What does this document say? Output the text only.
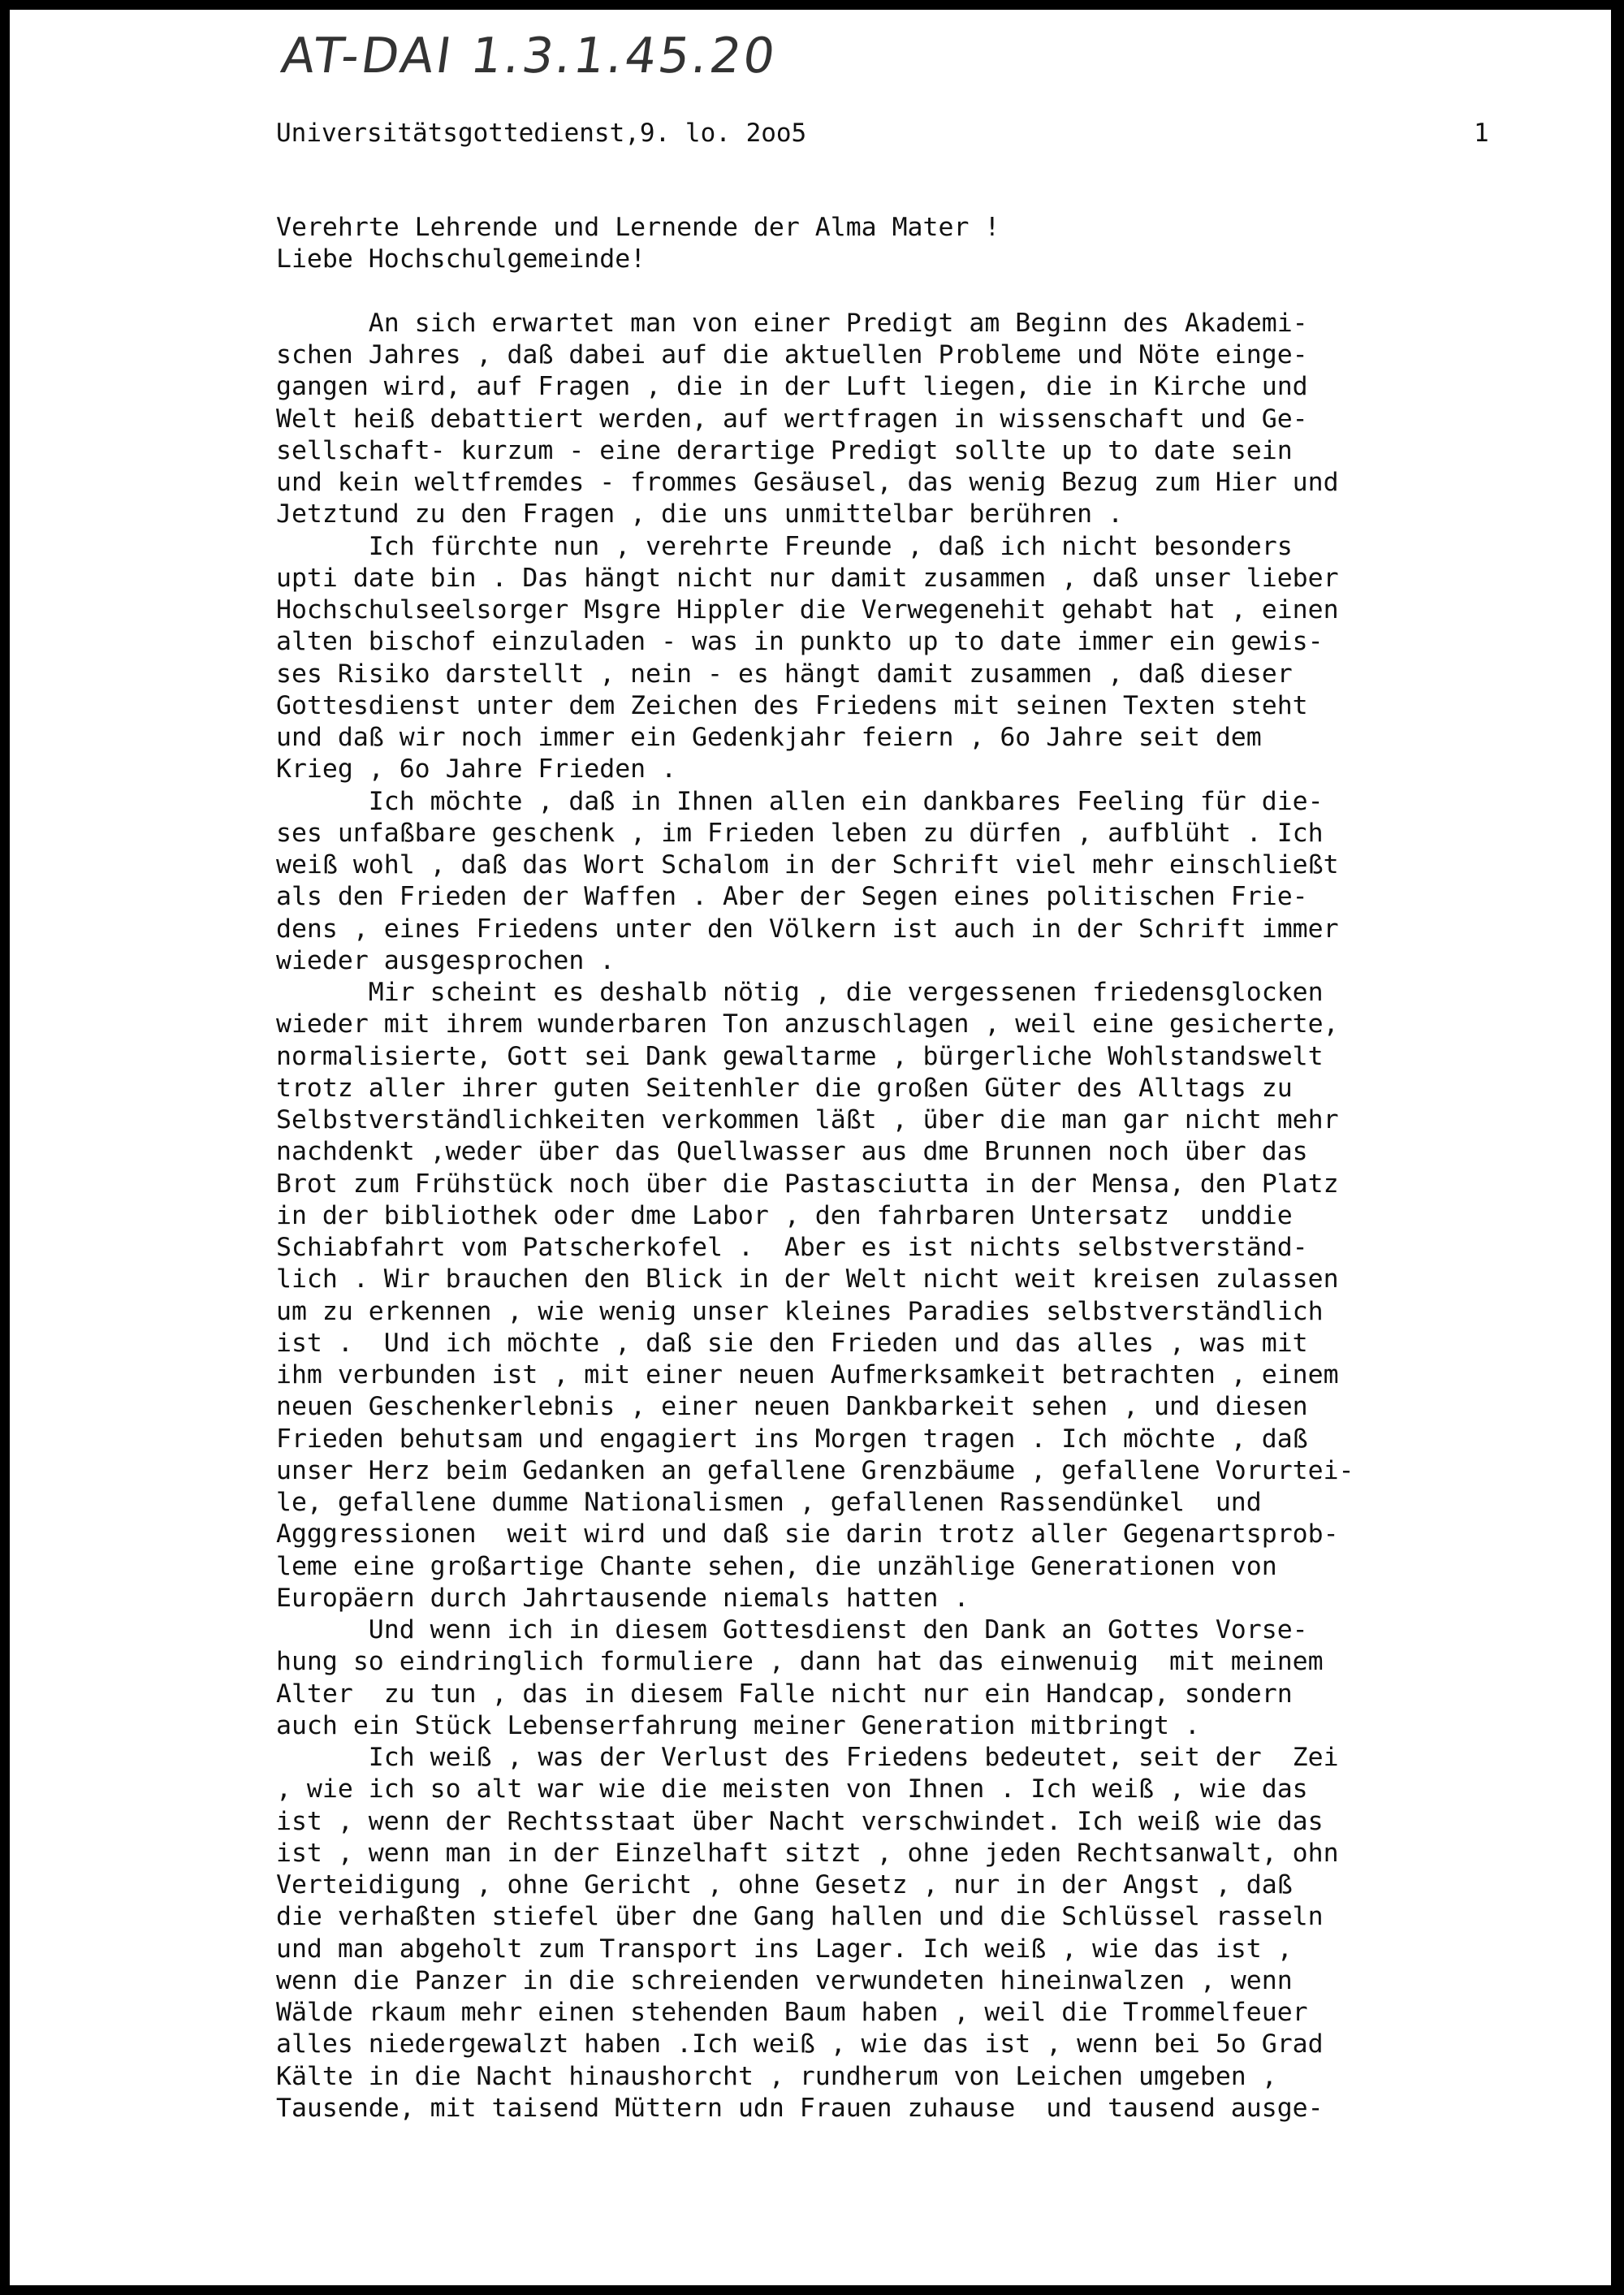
AT-DAI 1.3.1.45.20
Universitätsgottedienst,9. lo. 2oo5	1
Verehrte Lehrende und Lernende der Alma Mater !
Liebe Hochschulgemeinde!
An sich erwartet man von einer Predigt am Beginn des Akademi-
schen Jahres , daß dabei auf die aktuellen Probleme und Nöte einge-
gangen wird, auf Fragen , die in der Luft liegen, die in Kirche und
Welt heiß debattiert werden, auf wertfragen in wissenschaft und Ge-
sellschaft- kurzum - eine derartige Predigt sollte up to date sein
und kein weltfremdes - frommes Gesäusel, das wenig Bezug zum Hier und
Jetztund zu den Fragen , die uns unmittelbar berühren .
Ich fürchte nun , verehrte Freunde , daß ich nicht besonders
upti date bin . Das hängt nicht nur damit zusammen , daß unser lieber
Hochschulseelsorger Msgre Hippler die Verwegenehit gehabt hat , einen
alten bischof einzuladen - was in punkto up to date immer ein gewis-
ses Risiko darstellt , nein - es hängt damit zusammen , daß dieser
Gottesdienst unter dem Zeichen des Friedens mit seinen Texten steht
und daß wir noch immer ein Gedenkjahr feiern , 6o Jahre seit dem
Krieg , 6o Jahre Frieden .
Ich möchte , daß in Ihnen allen ein dankbares Feeling für die-
ses unfaßbare geschenk , im Frieden leben zu dürfen , aufblüht . Ich
weiß wohl , daß das Wort Schalom in der Schrift viel mehr einschließt
als den Frieden der Waffen . Aber der Segen eines politischen Frie-
dens , eines Friedens unter den Völkern ist auch in der Schrift immer
wieder ausgesprochen .
Mir scheint es deshalb nötig , die vergessenen friedensglocken
wieder mit ihrem wunderbaren Ton anzuschlagen , weil eine gesicherte,
normalisierte, Gott sei Dank gewaltarme , bürgerliche Wohlstandswelt
trotz aller ihrer guten Seitenhler die großen Güter des Alltags zu
Selbstverständlichkeiten verkommen läßt , über die man gar nicht mehr
nachdenkt ,weder über das Quellwasser aus dme Brunnen noch über das
Brot zum Frühstück noch über die Pastasciutta in der Mensa, den Platz
in der bibliothek oder dme Labor , den fahrbaren Untersatz  unddie
Schiabfahrt vom Patscherkofel .  Aber es ist nichts selbstverständ-
lich . Wir brauchen den Blick in der Welt nicht weit kreisen zulassen
um zu erkennen , wie wenig unser kleines Paradies selbstverständlich
ist .  Und ich möchte , daß sie den Frieden und das alles , was mit
ihm verbunden ist , mit einer neuen Aufmerksamkeit betrachten , einem
neuen Geschenkerlebnis , einer neuen Dankbarkeit sehen , und diesen
Frieden behutsam und engagiert ins Morgen tragen . Ich möchte , daß
unser Herz beim Gedanken an gefallene Grenzbäume , gefallene Vorurtei-
le, gefallene dumme Nationalismen , gefallenen Rassendünkel  und
Agggressionen  weit wird und daß sie darin trotz aller Gegenartsprob-
leme eine großartige Chante sehen, die unzählige Generationen von
Europäern durch Jahrtausende niemals hatten .
Und wenn ich in diesem Gottesdienst den Dank an Gottes Vorse-
hung so eindringlich formuliere , dann hat das einwenuig  mit meinem
Alter  zu tun , das in diesem Falle nicht nur ein Handcap, sondern
auch ein Stück Lebenserfahrung meiner Generation mitbringt .
Ich weiß , was der Verlust des Friedens bedeutet, seit der  Zei
, wie ich so alt war wie die meisten von Ihnen . Ich weiß , wie das
ist , wenn der Rechtsstaat über Nacht verschwindet. Ich weiß wie das
ist , wenn man in der Einzelhaft sitzt , ohne jeden Rechtsanwalt, ohn
Verteidigung , ohne Gericht , ohne Gesetz , nur in der Angst , daß
die verhaßten stiefel über dne Gang hallen und die Schlüssel rasseln
und man abgeholt zum Transport ins Lager. Ich weiß , wie das ist ,
wenn die Panzer in die schreienden verwundeten hineinwalzen , wenn
Wälde rkaum mehr einen stehenden Baum haben , weil die Trommelfeuer
alles niedergewalzt haben .Ich weiß , wie das ist , wenn bei 5o Grad
Kälte in die Nacht hinaushorcht , rundherum von Leichen umgeben ,
Tausende, mit taisend Müttern udn Frauen zuhause  und tausend ausge-
